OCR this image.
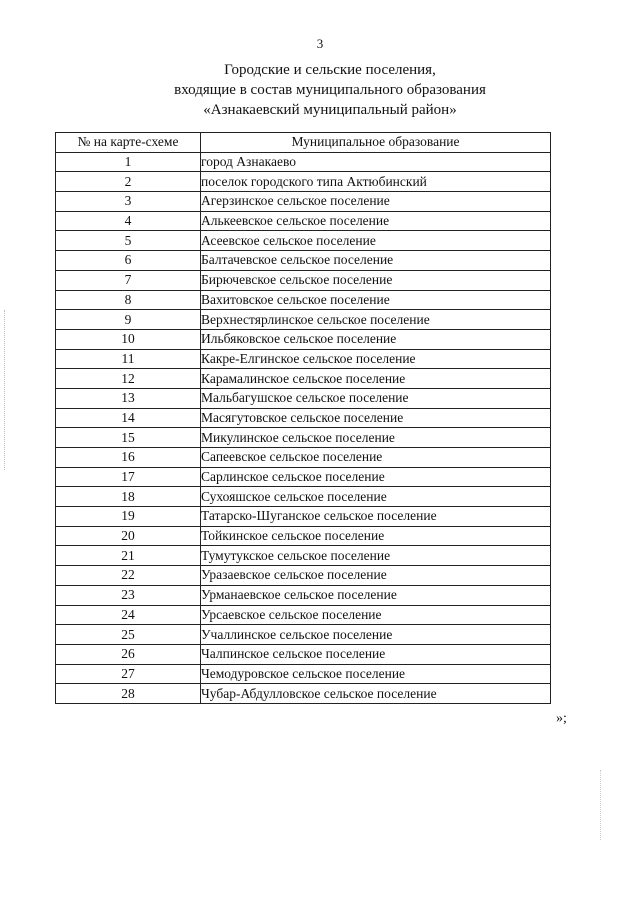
3
Городские и сельские поселения,
входящие в состав муниципального образования
«Азнакаевский муниципальный район»
№ на карте-схеме	Муниципальное образование
1	город Азнакаево
2	поселок городского типа Актюбинский
3	Агерзинское сельское поселение
4	Алькеевское сельское поселение
5	Асеевское сельское поселение
6	Балтачевское сельское поселение
7	Бирючевское сельское поселение
8	Вахитовское сельское поселение
9	Верхнестярлинское сельское поселение
10	Ильбяковское сельское поселение
11	Какре-Елгинское сельское поселение
12	Карамалинское сельское поселение
13	Мальбагушское сельское поселение
14	Масягутовское сельское поселение
15	Микулинское сельское поселение
16	Сапеевское сельское поселение
17	Сарлинское сельское поселение
18	Сухояшское сельское поселение
19	Татарско-Шуганское сельское поселение
20	Тойкинское сельское поселение
21	Тумутукское сельское поселение
22	Уразаевское сельское поселение
23	Урманаевское сельское поселение
24	Урсаевское сельское поселение
25	Учаллинское сельское поселение
26	Чалпинское сельское поселение
27	Чемодуровское сельское поселение
28	Чубар-Абдулловское сельское поселение
»;
